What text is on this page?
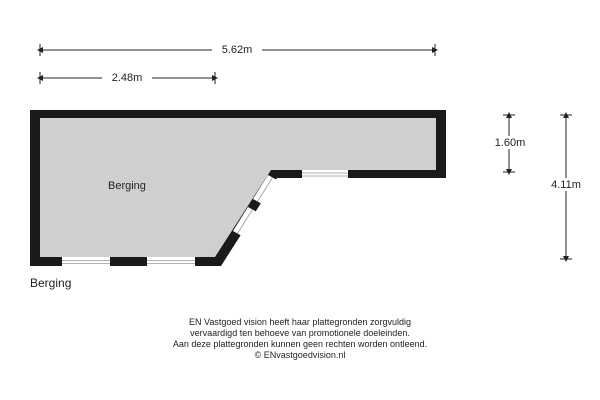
5.62m
2.48m
1.60m
4.11m
Berging
Berging
EN Vastgoed vision heeft haar plattegronden zorgvuldig
vervaardigd ten behoeve van promotionele doeleinden.
Aan deze plattegronden kunnen geen rechten worden ontleend.
© ENvastgoedvision.nl
